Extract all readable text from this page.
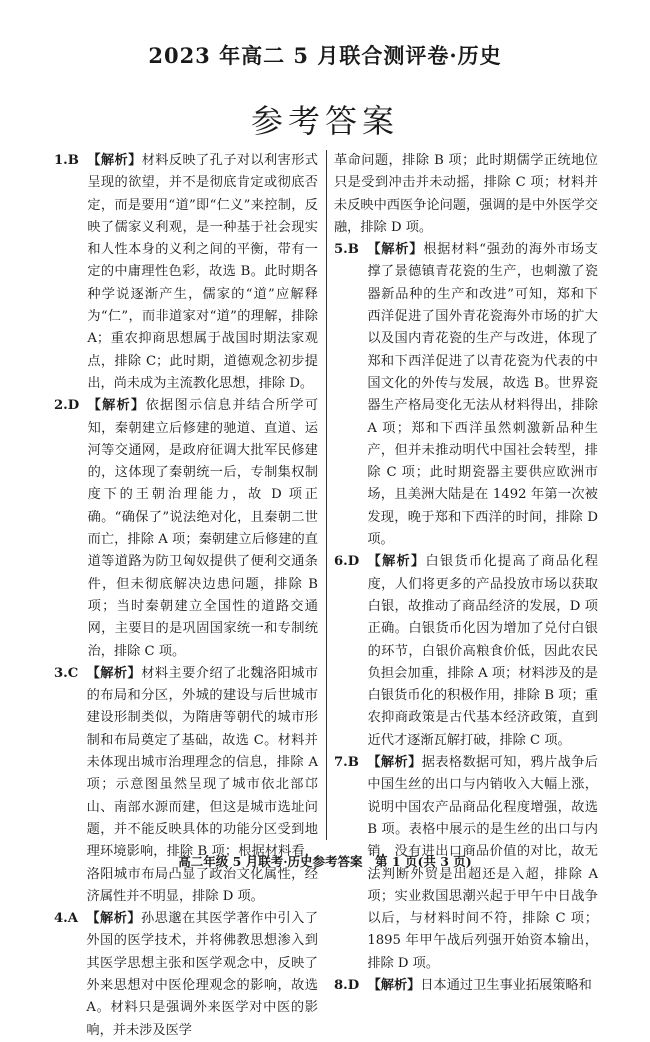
2023 年高二 5 月联合测评卷·历史
参考答案
1.B
【解析】材料反映了孔子对以利害形式呈现的欲望，并不是彻底肯定或彻底否定，而是要用“道”即“仁义”来控制，反映了儒家义利观，是一种基于社会现实和人性本身的义利之间的平衡，带有一定的中庸理性色彩，故选 B。此时期各种学说逐渐产生，儒家的“道”应解释为“仁”，而非道家对“道”的理解，排除 A；重农抑商思想属于战国时期法家观点，排除 C；此时期，道德观念初步提出，尚未成为主流教化思想，排除 D。
2.D
【解析】依据图示信息并结合所学可知，秦朝建立后修建的驰道、直道、运河等交通网，是政府征调大批军民修建的，这体现了秦朝统一后，专制集权制度下的王朝治理能力，故 D 项正确。“确保了”说法绝对化，且秦朝二世而亡，排除 A 项；秦朝建立后修建的直道等道路为防卫匈奴提供了便利交通条件，但未彻底解决边患问题，排除 B 项；当时秦朝建立全国性的道路交通网，主要目的是巩固国家统一和专制统治，排除 C 项。
3.C
【解析】材料主要介绍了北魏洛阳城市的布局和分区，外城的建设与后世城市建设形制类似，为隋唐等朝代的城市形制和布局奠定了基础，故选 C。材料并未体现出城市治理理念的信息，排除 A 项；示意图虽然呈现了城市依北部邙山、南部水源而建，但这是城市选址问题，并不能反映具体的功能分区受到地理环境影响，排除 B 项；根据材料看，洛阳城市布局凸显了政治文化属性，经济属性并不明显，排除 D 项。
4.A
【解析】孙思邈在其医学著作中引入了外国的医学技术，并将佛教思想渗入到其医学思想主张和医学观念中，反映了外来思想对中医伦理观念的影响，故选 A。材料只是强调外来医学对中医的影响，并未涉及医学
革命问题，排除 B 项；此时期儒学正统地位只是受到冲击并未动摇，排除 C 项；材料并未反映中西医争论问题，强调的是中外医学交融，排除 D 项。
5.B
【解析】根据材料“强劲的海外市场支撑了景德镇青花瓷的生产，也刺激了瓷器新品种的生产和改进”可知，郑和下西洋促进了国外青花瓷海外市场的扩大以及国内青花瓷的生产与改进，体现了郑和下西洋促进了以青花瓷为代表的中国文化的外传与发展，故选 B。世界瓷器生产格局变化无法从材料得出，排除 A 项；郑和下西洋虽然刺激新品种生产，但并未推动明代中国社会转型，排除 C 项；此时期瓷器主要供应欧洲市场，且美洲大陆是在 1492 年第一次被发现，晚于郑和下西洋的时间，排除 D 项。
6.D
【解析】白银货币化提高了商品化程度，人们将更多的产品投放市场以获取白银，故推动了商品经济的发展，D 项正确。白银货币化因为增加了兑付白银的环节，白银价高粮食价低，因此农民负担会加重，排除 A 项；材料涉及的是白银货币化的积极作用，排除 B 项；重农抑商政策是古代基本经济政策，直到近代才逐渐瓦解打破，排除 C 项。
7.B
【解析】据表格数据可知，鸦片战争后中国生丝的出口与内销收入大幅上涨，说明中国农产品商品化程度增强，故选 B 项。表格中展示的是生丝的出口与内销，没有进出口商品价值的对比，故无法判断外贸是出超还是入超，排除 A 项；实业救国思潮兴起于甲午中日战争以后，与材料时间不符，排除 C 项；1895 年甲午战后列强开始资本输出，排除 D 项。
8.D
【解析】日本通过卫生事业拓展策略和
高二年级 5 月联考·历史参考答案　第 1 页(共 3 页)
